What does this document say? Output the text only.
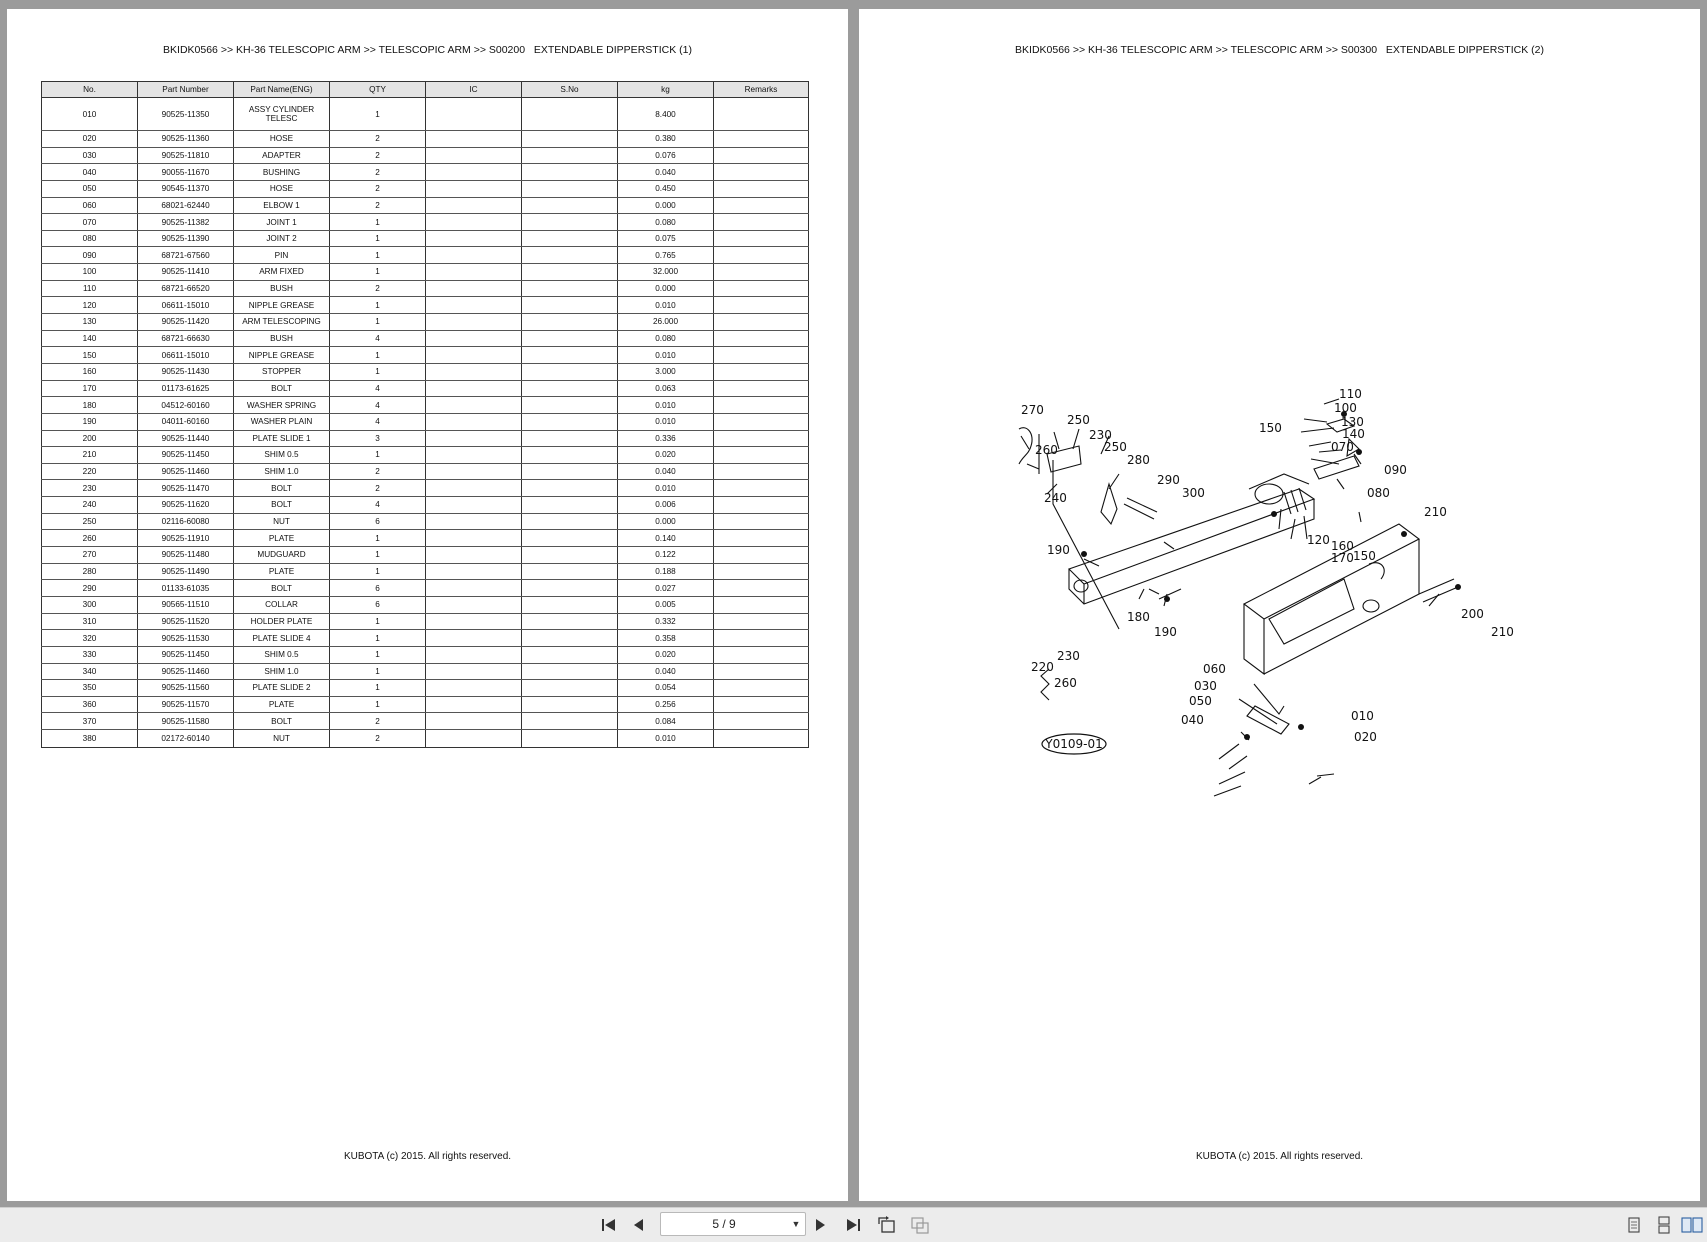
BKIDK0566 >> KH-36 TELESCOPIC ARM >> TELESCOPIC ARM >> S00200   EXTENDABLE DIPPERSTICK (1)
No.	Part Number	Part Name(ENG)	QTY	IC	S.No	kg	Remarks
010	90525-11350	ASSY CYLINDER TELESC	1			8.400	
020	90525-11360	HOSE	2			0.380	
030	90525-11810	ADAPTER	2			0.076	
040	90055-11670	BUSHING	2			0.040	
050	90545-11370	HOSE	2			0.450	
060	68021-62440	ELBOW 1	2			0.000	
070	90525-11382	JOINT 1	1			0.080	
080	90525-11390	JOINT 2	1			0.075	
090	68721-67560	PIN	1			0.765	
100	90525-11410	ARM FIXED	1			32.000	
110	68721-66520	BUSH	2			0.000	
120	06611-15010	NIPPLE GREASE	1			0.010	
130	90525-11420	ARM TELESCOPING	1			26.000	
140	68721-66630	BUSH	4			0.080	
150	06611-15010	NIPPLE GREASE	1			0.010	
160	90525-11430	STOPPER	1			3.000	
170	01173-61625	BOLT	4			0.063	
180	04512-60160	WASHER SPRING	4			0.010	
190	04011-60160	WASHER PLAIN	4			0.010	
200	90525-11440	PLATE SLIDE 1	3			0.336	
210	90525-11450	SHIM 0.5	1			0.020	
220	90525-11460	SHIM 1.0	2			0.040	
230	90525-11470	BOLT	2			0.010	
240	90525-11620	BOLT	4			0.006	
250	02116-60080	NUT	6			0.000	
260	90525-11910	PLATE	1			0.140	
270	90525-11480	MUDGUARD	1			0.122	
280	90525-11490	PLATE	1			0.188	
290	01133-61035	BOLT	6			0.027	
300	90565-11510	COLLAR	6			0.005	
310	90525-11520	HOLDER PLATE	1			0.332	
320	90525-11530	PLATE SLIDE 4	1			0.358	
330	90525-11450	SHIM 0.5	1			0.020	
340	90525-11460	SHIM 1.0	1			0.040	
350	90525-11560	PLATE SLIDE 2	1			0.054	
360	90525-11570	PLATE	1			0.256	
370	90525-11580	BOLT	2			0.084	
380	02172-60140	NUT	2			0.010	
KUBOTA (c) 2015. All rights reserved.
BKIDK0566 >> KH-36 TELESCOPIC ARM >> TELESCOPIC ARM >> S00300   EXTENDABLE DIPPERSTICK (2)
270
250
230
260	250
280
240
290
300
190
180
190
150
110
100
130
140
070
090
080
120 160
170 150
210
200
210
230
220
260
060
030
050
040	010
020
Y0109-01
KUBOTA (c) 2015. All rights reserved.
5 / 9	▼
